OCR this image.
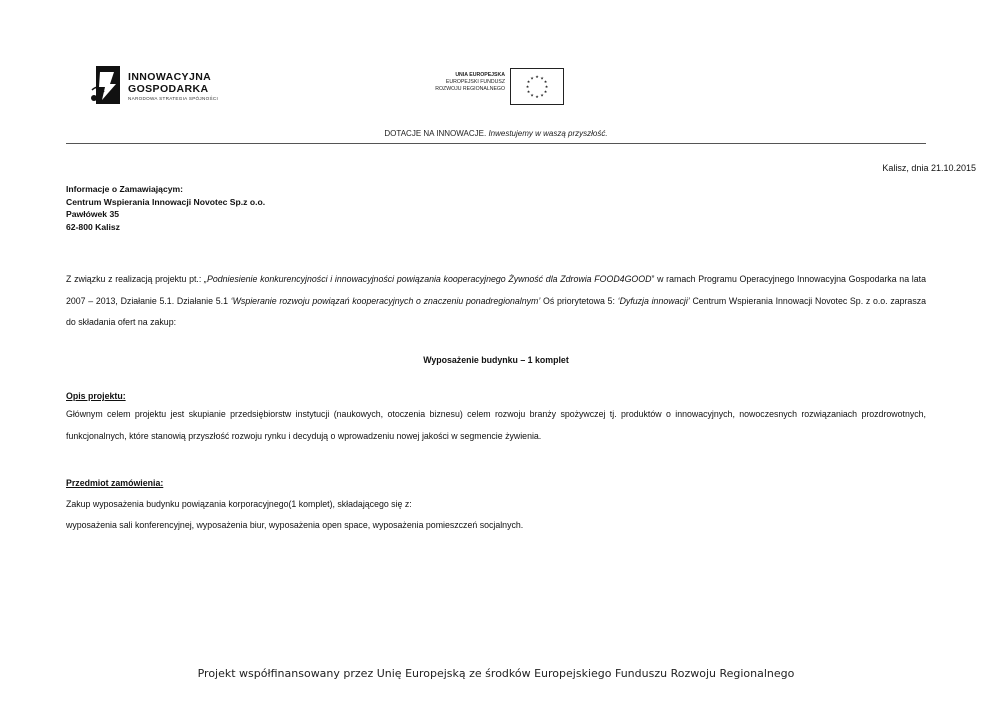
INNOWACYJNA
GOSPODARKA
NARODOWA STRATEGIA SPÓJNOŚCI
UNIA EUROPEJSKA
EUROPEJSKI FUNDUSZ
ROZWOJU REGIONALNEGO
★ ★
★
★
★
★
★
★
★
★
★
★
DOTACJE NA INNOWACJE. Inwestujemy w waszą przyszłość.
Kalisz, dnia 21.10.2015
Informacje o Zamawiającym:
Centrum Wspierania Innowacji Novotec Sp.z o.o.
Pawłówek 35
62-800 Kalisz
Z związku z realizacją projektu pt.: „Podniesienie konkurencyjności i innowacyjności powiązania kooperacyjnego Żywność dla Zdrowia FOOD4GOOD” w ramach Programu Operacyjnego Innowacyjna Gospodarka na lata 2007 – 2013, Działanie 5.1. Działanie 5.1 ‘Wspieranie rozwoju powiązań kooperacyjnych o znaczeniu ponadregionalnym’ Oś priorytetowa 5: ‘Dyfuzja innowacji’ Centrum Wspierania Innowacji Novotec Sp. z o.o. zaprasza do składania ofert na zakup:
Wyposażenie budynku – 1 komplet
Opis projektu:
Głównym celem projektu jest skupianie przedsiębiorstw instytucji (naukowych, otoczenia biznesu) celem rozwoju branży spożywczej tj. produktów o innowacyjnych, nowoczesnych rozwiązaniach prozdrowotnych, funkcjonalnych, które stanowią przyszłość rozwoju rynku i decydują o wprowadzeniu nowej jakości w segmencie żywienia.
Przedmiot zamówienia:
Zakup wyposażenia budynku powiązania korporacyjnego(1 komplet), składającego się z:
wyposażenia sali konferencyjnej, wyposażenia biur, wyposażenia open space, wyposażenia pomieszczeń socjalnych.
Projekt współfinansowany przez Unię Europejską ze środków Europejskiego Funduszu Rozwoju Regionalnego
